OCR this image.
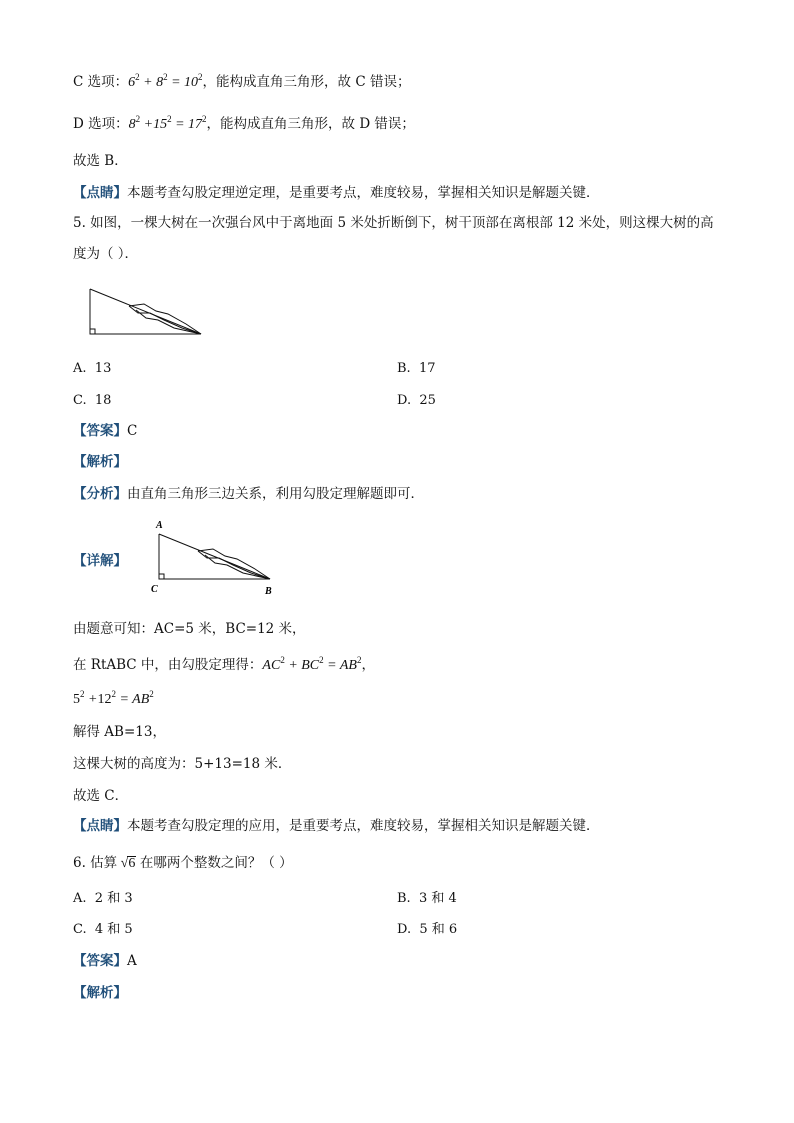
C 选项：$6^2 + 8^2 = 10^2$，能构成直角三角形，故 C 错误；
D 选项：$8^2 +15^2 = 17^2$，能构成直角三角形，故 D 错误；
故选 B．
【点睛】本题考查勾股定理逆定理，是重要考点，难度较易，掌握相关知识是解题关键．
5. 如图，一棵大树在一次强台风中于离地面 5 米处折断倒下，树干顶部在离根部 12 米处，则这棵大树的高
度为（ ）．
A. 13	B. 17
C. 18	D. 25
【答案】C
【解析】
【分析】由直角三角形三边关系，利用勾股定理解题即可．
【详解】
A
C	B
由题意可知：AC=5 米，BC=12 米，
在 RtABC 中，由勾股定理得：$AC^2 + BC^2 = AB^2$，
$5^2 +12^2 = AB^2$
解得 AB=13，
这棵大树的高度为：5+13=18 米．
故选 C．
【点睛】本题考查勾股定理的应用，是重要考点，难度较易，掌握相关知识是解题关键．
6. 估算 √6 在哪两个整数之间？（ ）
A. 2 和 3	B. 3 和 4
C. 4 和 5	D. 5 和 6
【答案】A
【解析】
